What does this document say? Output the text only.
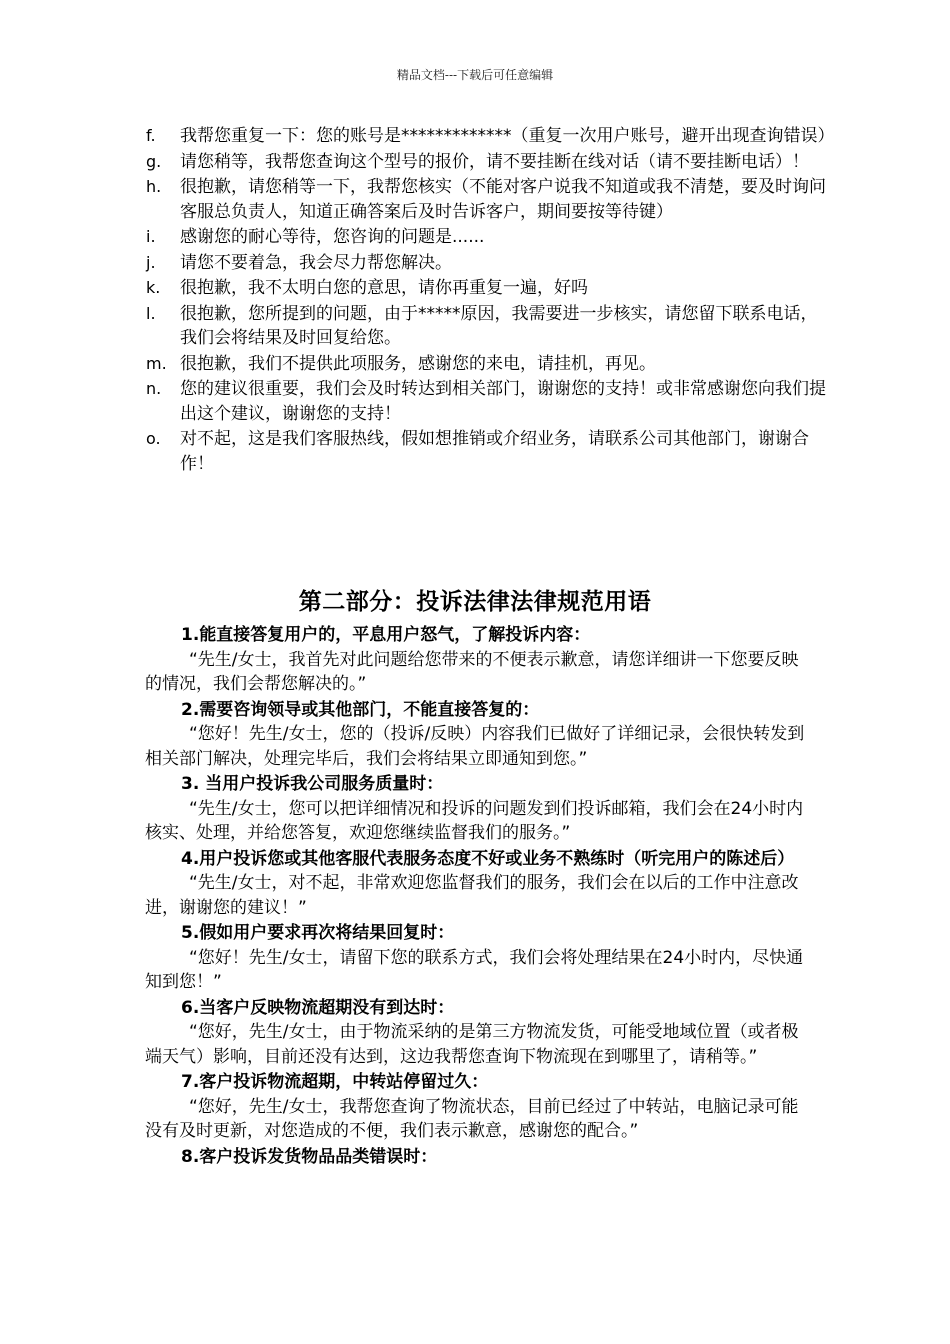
精品文档---下载后可任意编辑
f.	我帮您重复一下：您的账号是*************（重复一次用户账号，避开出现查询错误）
g.	请您稍等，我帮您查询这个型号的报价，请不要挂断在线对话（请不要挂断电话）！
h.	很抱歉，请您稍等一下，我帮您核实（不能对客户说我不知道或我不清楚，要及时询问客服总负责人，知道正确答案后及时告诉客户，期间要按等待键）
i.	感谢您的耐心等待，您咨询的问题是......
j.	请您不要着急，我会尽力帮您解决。
k.	很抱歉，我不太明白您的意思，请你再重复一遍，好吗
l.	很抱歉，您所提到的问题，由于*****原因，我需要进一步核实，请您留下联系电话，我们会将结果及时回复给您。
m. 很抱歉，我们不提供此项服务，感谢您的来电，请挂机，再见。
n.	您的建议很重要，我们会及时转达到相关部门，谢谢您的支持！或非常感谢您向我们提出这个建议，谢谢您的支持！
o.	对不起，这是我们客服热线，假如想推销或介绍业务，请联系公司其他部门，谢谢合作！
第二部分：投诉法律法律规范用语
1.能直接答复用户的，平息用户怒气，了解投诉内容：
“先生/女士，我首先对此问题给您带来的不便表示歉意，请您详细讲一下您要反映的情况，我们会帮您解决的。”
2.需要咨询领导或其他部门，不能直接答复的：
“您好！先生/女士，您的（投诉/反映）内容我们已做好了详细记录，会很快转发到相关部门解决，处理完毕后，我们会将结果立即通知到您。”
3. 当用户投诉我公司服务质量时：
“先生/女士，您可以把详细情况和投诉的问题发到们投诉邮箱，我们会在24小时内核实、处理，并给您答复，欢迎您继续监督我们的服务。”
4.用户投诉您或其他客服代表服务态度不好或业务不熟练时（听完用户的陈述后）
“先生/女士，对不起，非常欢迎您监督我们的服务，我们会在以后的工作中注意改进，谢谢您的建议！”
5.假如用户要求再次将结果回复时：
“您好！先生/女士，请留下您的联系方式，我们会将处理结果在24小时内，尽快通知到您！”
6.当客户反映物流超期没有到达时：
“您好，先生/女士，由于物流采纳的是第三方物流发货，可能受地域位置（或者极端天气）影响，目前还没有达到，这边我帮您查询下物流现在到哪里了，请稍等。”
7.客户投诉物流超期，中转站停留过久：
“您好，先生/女士，我帮您查询了物流状态，目前已经过了中转站，电脑记录可能没有及时更新，对您造成的不便，我们表示歉意，感谢您的配合。”
8.客户投诉发货物品品类错误时：
